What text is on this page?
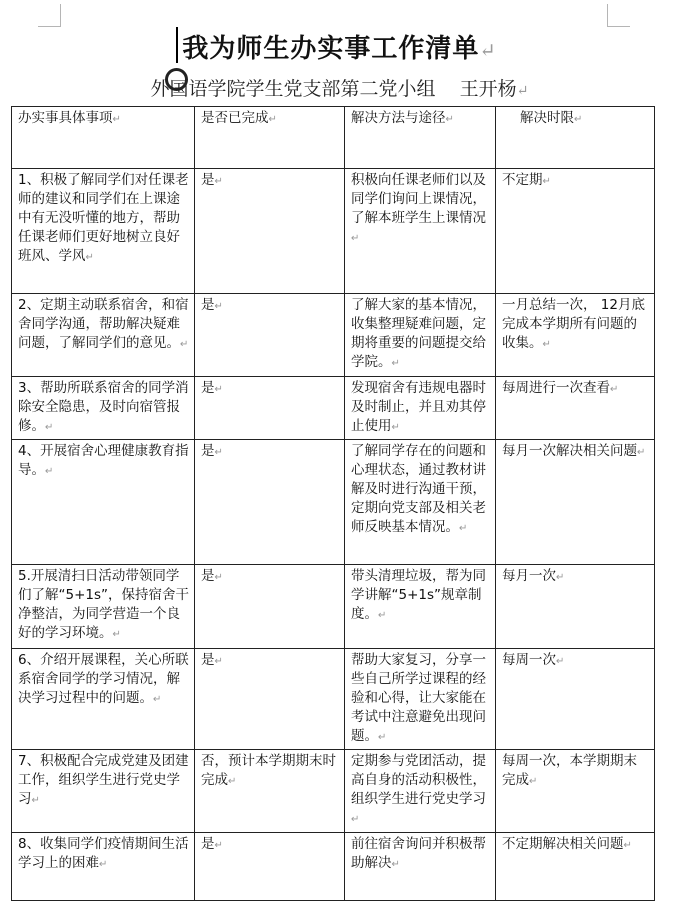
我为师生办实事工作清单↵
外国语学院学生党支部第二党小组    王开杨↵
办实事具体事项↵	是否已完成↵	解决方法与途径↵	解决时限↵
1、积极了解同学们对任课老师的建议和同学们在上课途中有无没听懂的地方，帮助任课老师们更好地树立良好班风、学风↵	是↵	积极向任课老师们以及同学们询问上课情况，了解本班学生上课情况↵	不定期↵
2、定期主动联系宿舍，和宿舍同学沟通，帮助解决疑难问题，了解同学们的意见。↵	是↵	了解大家的基本情况，收集整理疑难问题，定期将重要的问题提交给学院。↵	一月总结一次， 12月底完成本学期所有问题的收集。↵
3、帮助所联系宿舍的同学消除安全隐患，及时向宿管报修。↵	是↵	发现宿舍有违规电器时及时制止，并且劝其停止使用↵	每周进行一次查看↵
4、开展宿舍心理健康教育指导。↵	是↵	了解同学存在的问题和心理状态，通过教材讲解及时进行沟通干预，定期向党支部及相关老师反映基本情况。↵	每月一次解决相关问题↵
5.开展清扫日活动带领同学们了解“5+1s”，保持宿舍干净整洁，为同学营造一个良好的学习环境。↵	是↵	带头清理垃圾，帮为同学讲解“5+1s”规章制度。↵	每月一次↵
6、介绍开展课程，关心所联系宿舍同学的学习情况，解决学习过程中的问题。↵	是↵	帮助大家复习，分享一些自己所学过课程的经验和心得，让大家能在考试中注意避免出现问题。↵	每周一次↵
7、积极配合完成党建及团建工作，组织学生进行党史学习↵	否，预计本学期期末时完成↵	定期参与党团活动，提高自身的活动积极性，组织学生进行党史学习↵	每周一次，本学期期末完成↵
8、收集同学们疫情期间生活学习上的困难↵	是↵	前往宿舍询问并积极帮助解决↵	不定期解决相关问题↵
